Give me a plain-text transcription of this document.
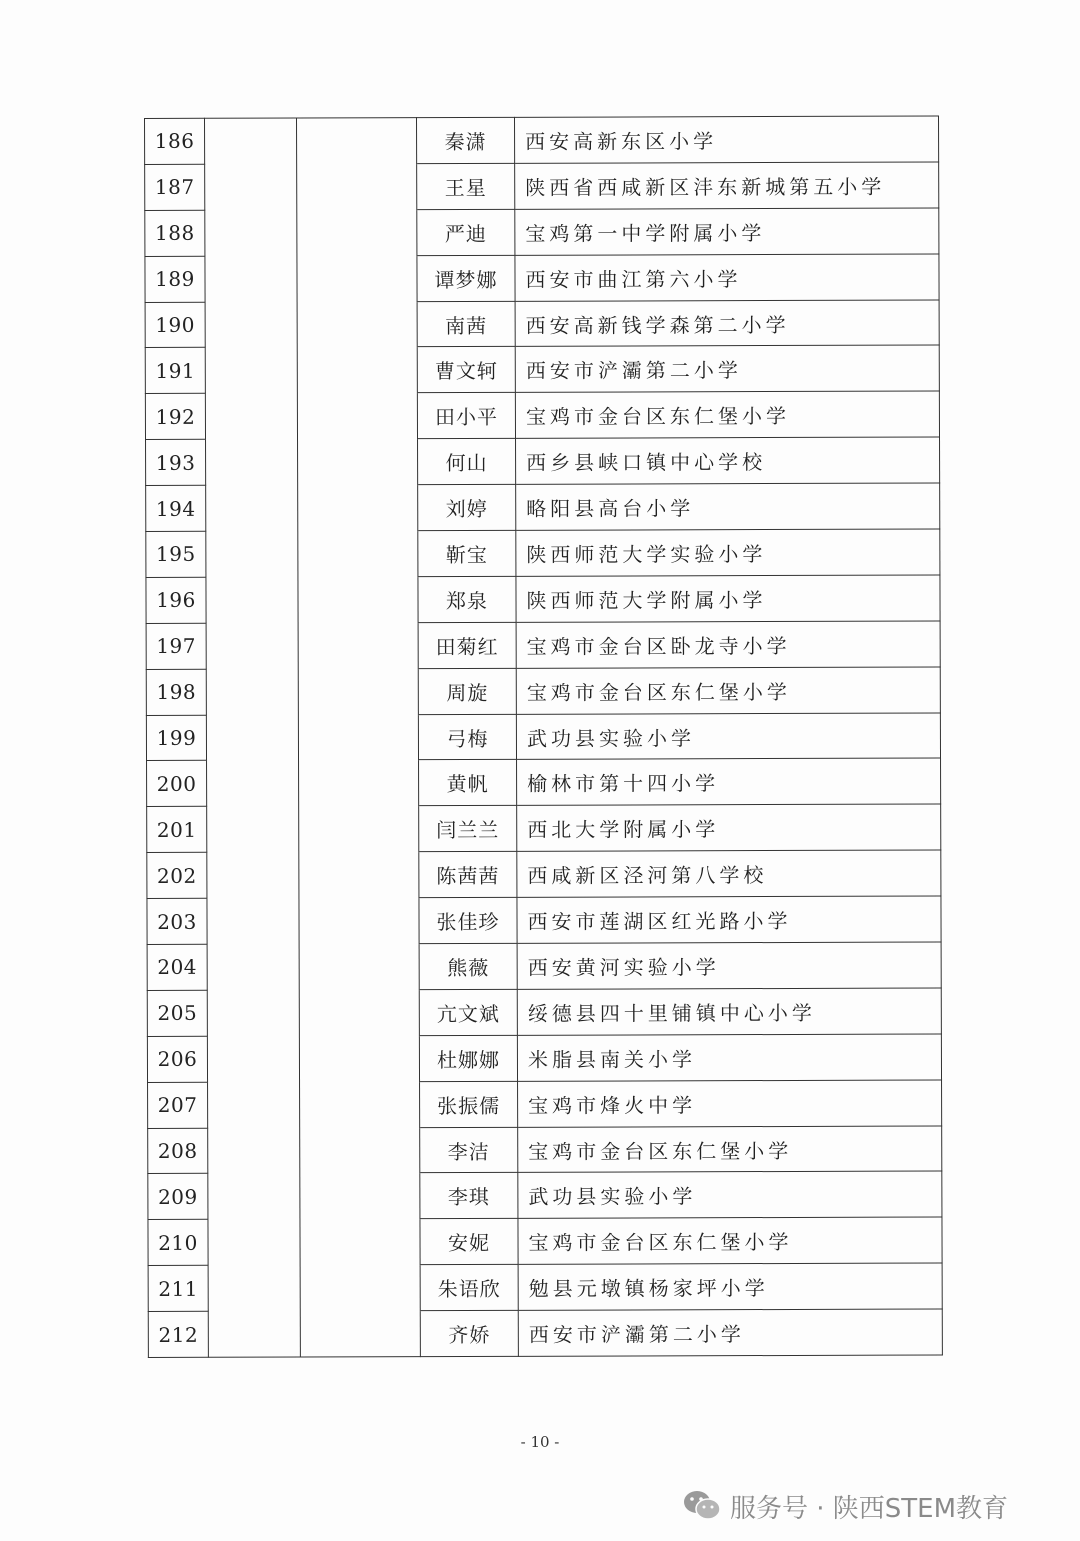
186			秦潇	西安高新东区小学
187			王星	陕西省西咸新区沣东新城第五小学
188			严迪	宝鸡第一中学附属小学
189			谭梦娜	西安市曲江第六小学
190			南茜	西安高新钱学森第二小学
191			曹文轲	西安市浐灞第二小学
192			田小平	宝鸡市金台区东仁堡小学
193			何山	西乡县峡口镇中心学校
194			刘婷	略阳县高台小学
195			靳宝	陕西师范大学实验小学
196			郑泉	陕西师范大学附属小学
197			田菊红	宝鸡市金台区卧龙寺小学
198			周旋	宝鸡市金台区东仁堡小学
199			弓梅	武功县实验小学
200			黄帆	榆林市第十四小学
201			闫兰兰	西北大学附属小学
202			陈茜茜	西咸新区泾河第八学校
203			张佳珍	西安市莲湖区红光路小学
204			熊薇	西安黄河实验小学
205			亢文斌	绥德县四十里铺镇中心小学
206			杜娜娜	米脂县南关小学
207			张振儒	宝鸡市烽火中学
208			李洁	宝鸡市金台区东仁堡小学
209			李琪	武功县实验小学
210			安妮	宝鸡市金台区东仁堡小学
211			朱语欣	勉县元墩镇杨家坪小学
212			齐娇	西安市浐灞第二小学
- 10 -
服务号 · 陕西STEM教育
